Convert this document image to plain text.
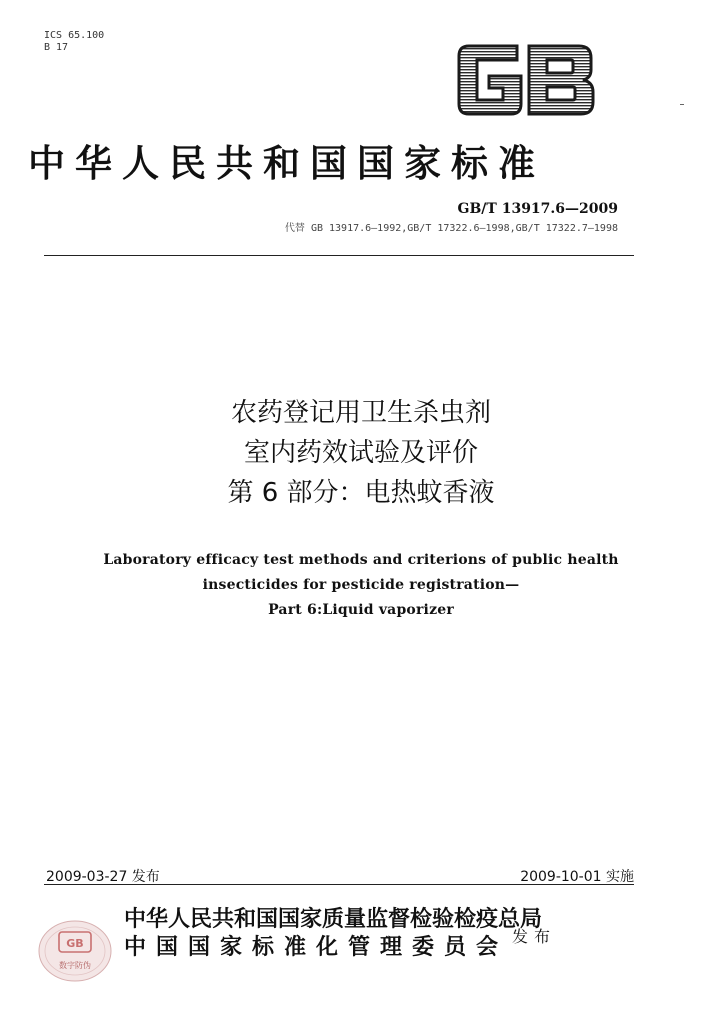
ICS 65.100
B 17
中华人民共和国国家标准
GB/T 13917.6—2009
代替 GB 13917.6—1992,GB/T 17322.6—1998,GB/T 17322.7—1998
农药登记用卫生杀虫剂
室内药效试验及评价
第 6 部分：电热蚊香液
Laboratory efficacy test methods and criterions of public health
insecticides for pesticide registration—
Part 6:Liquid vaporizer
2009-03-27 发布	2009-10-01 实施
GB
数字防伪
中华人民共和国国家质量监督检验检疫总局
中国国家标准化管理委员会 发布
